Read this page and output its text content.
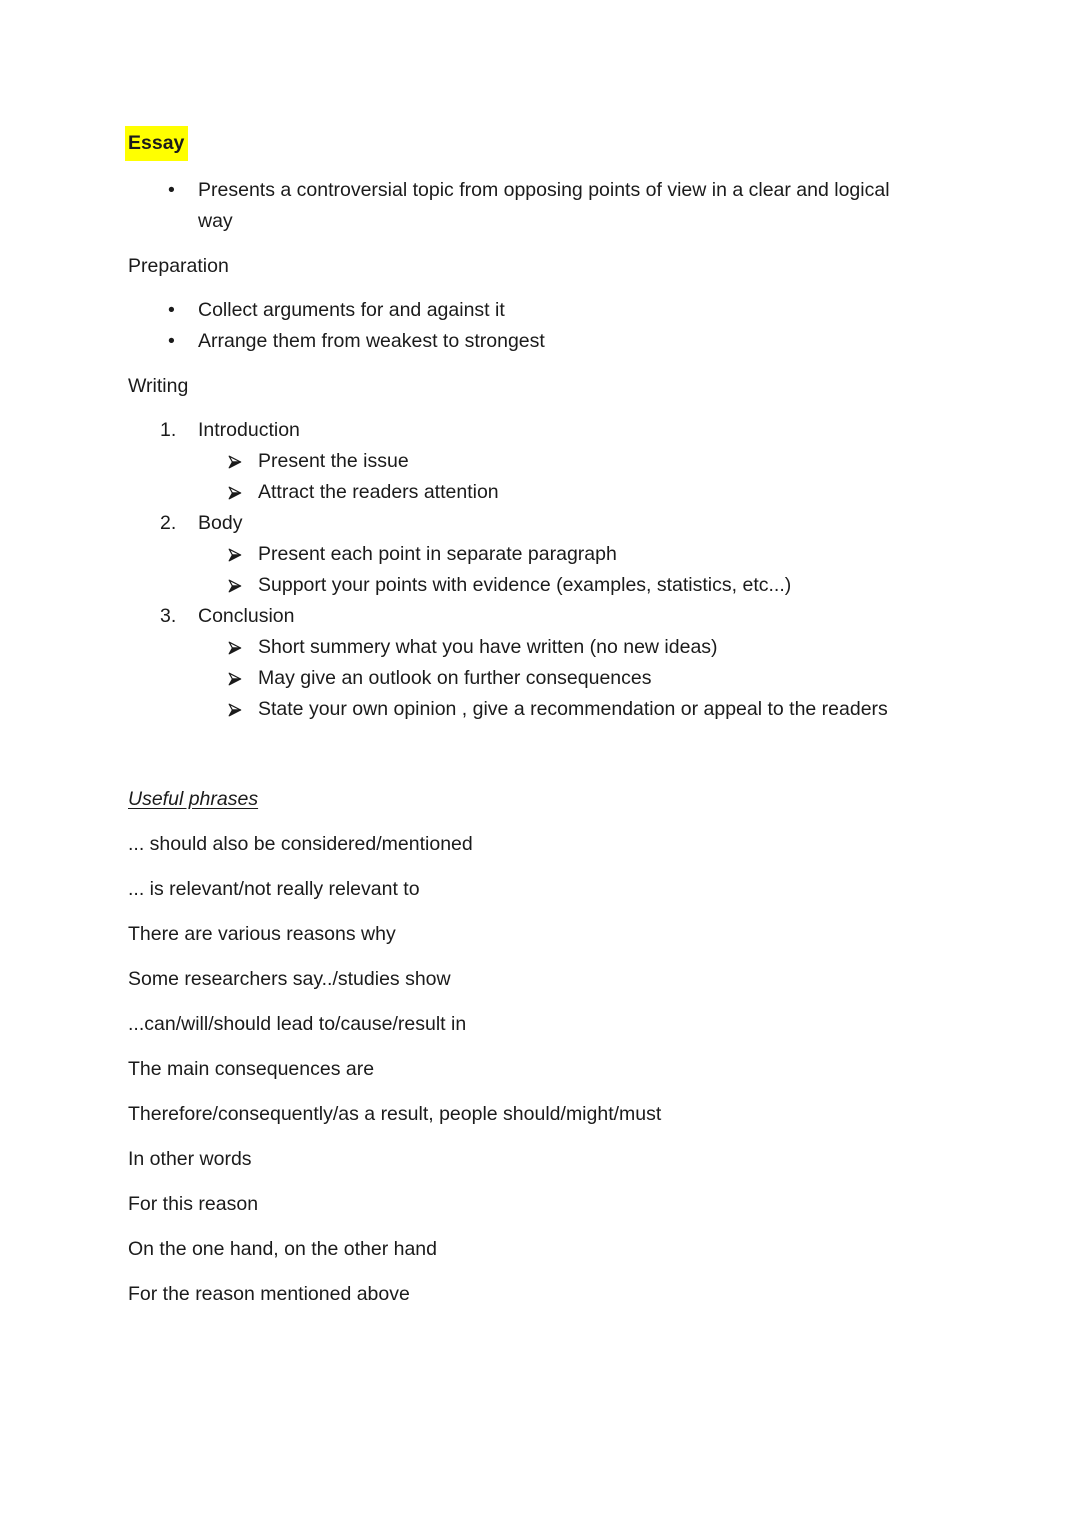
Essay
•	Presents a controversial topic from opposing points of view in a clear and logical
way
Preparation
•	Collect arguments for and against it
•	Arrange them from weakest to strongest
Writing
1.	Introduction
Present the issue
Attract the readers attention
2.	Body
Present each point in separate paragraph
Support your points with evidence (examples, statistics, etc...)
3.	Conclusion
Short summery what you have written (no new ideas)
May give an outlook on further consequences
State your own opinion , give a recommendation or appeal to the readers
Useful phrases
... should also be considered/mentioned
... is relevant/not really relevant to
There are various reasons why
Some researchers say../studies show
...can/will/should lead to/cause/result in
The main consequences are
Therefore/consequently/as a result, people should/might/must
In other words
For this reason
On the one hand, on the other hand
For the reason mentioned above
